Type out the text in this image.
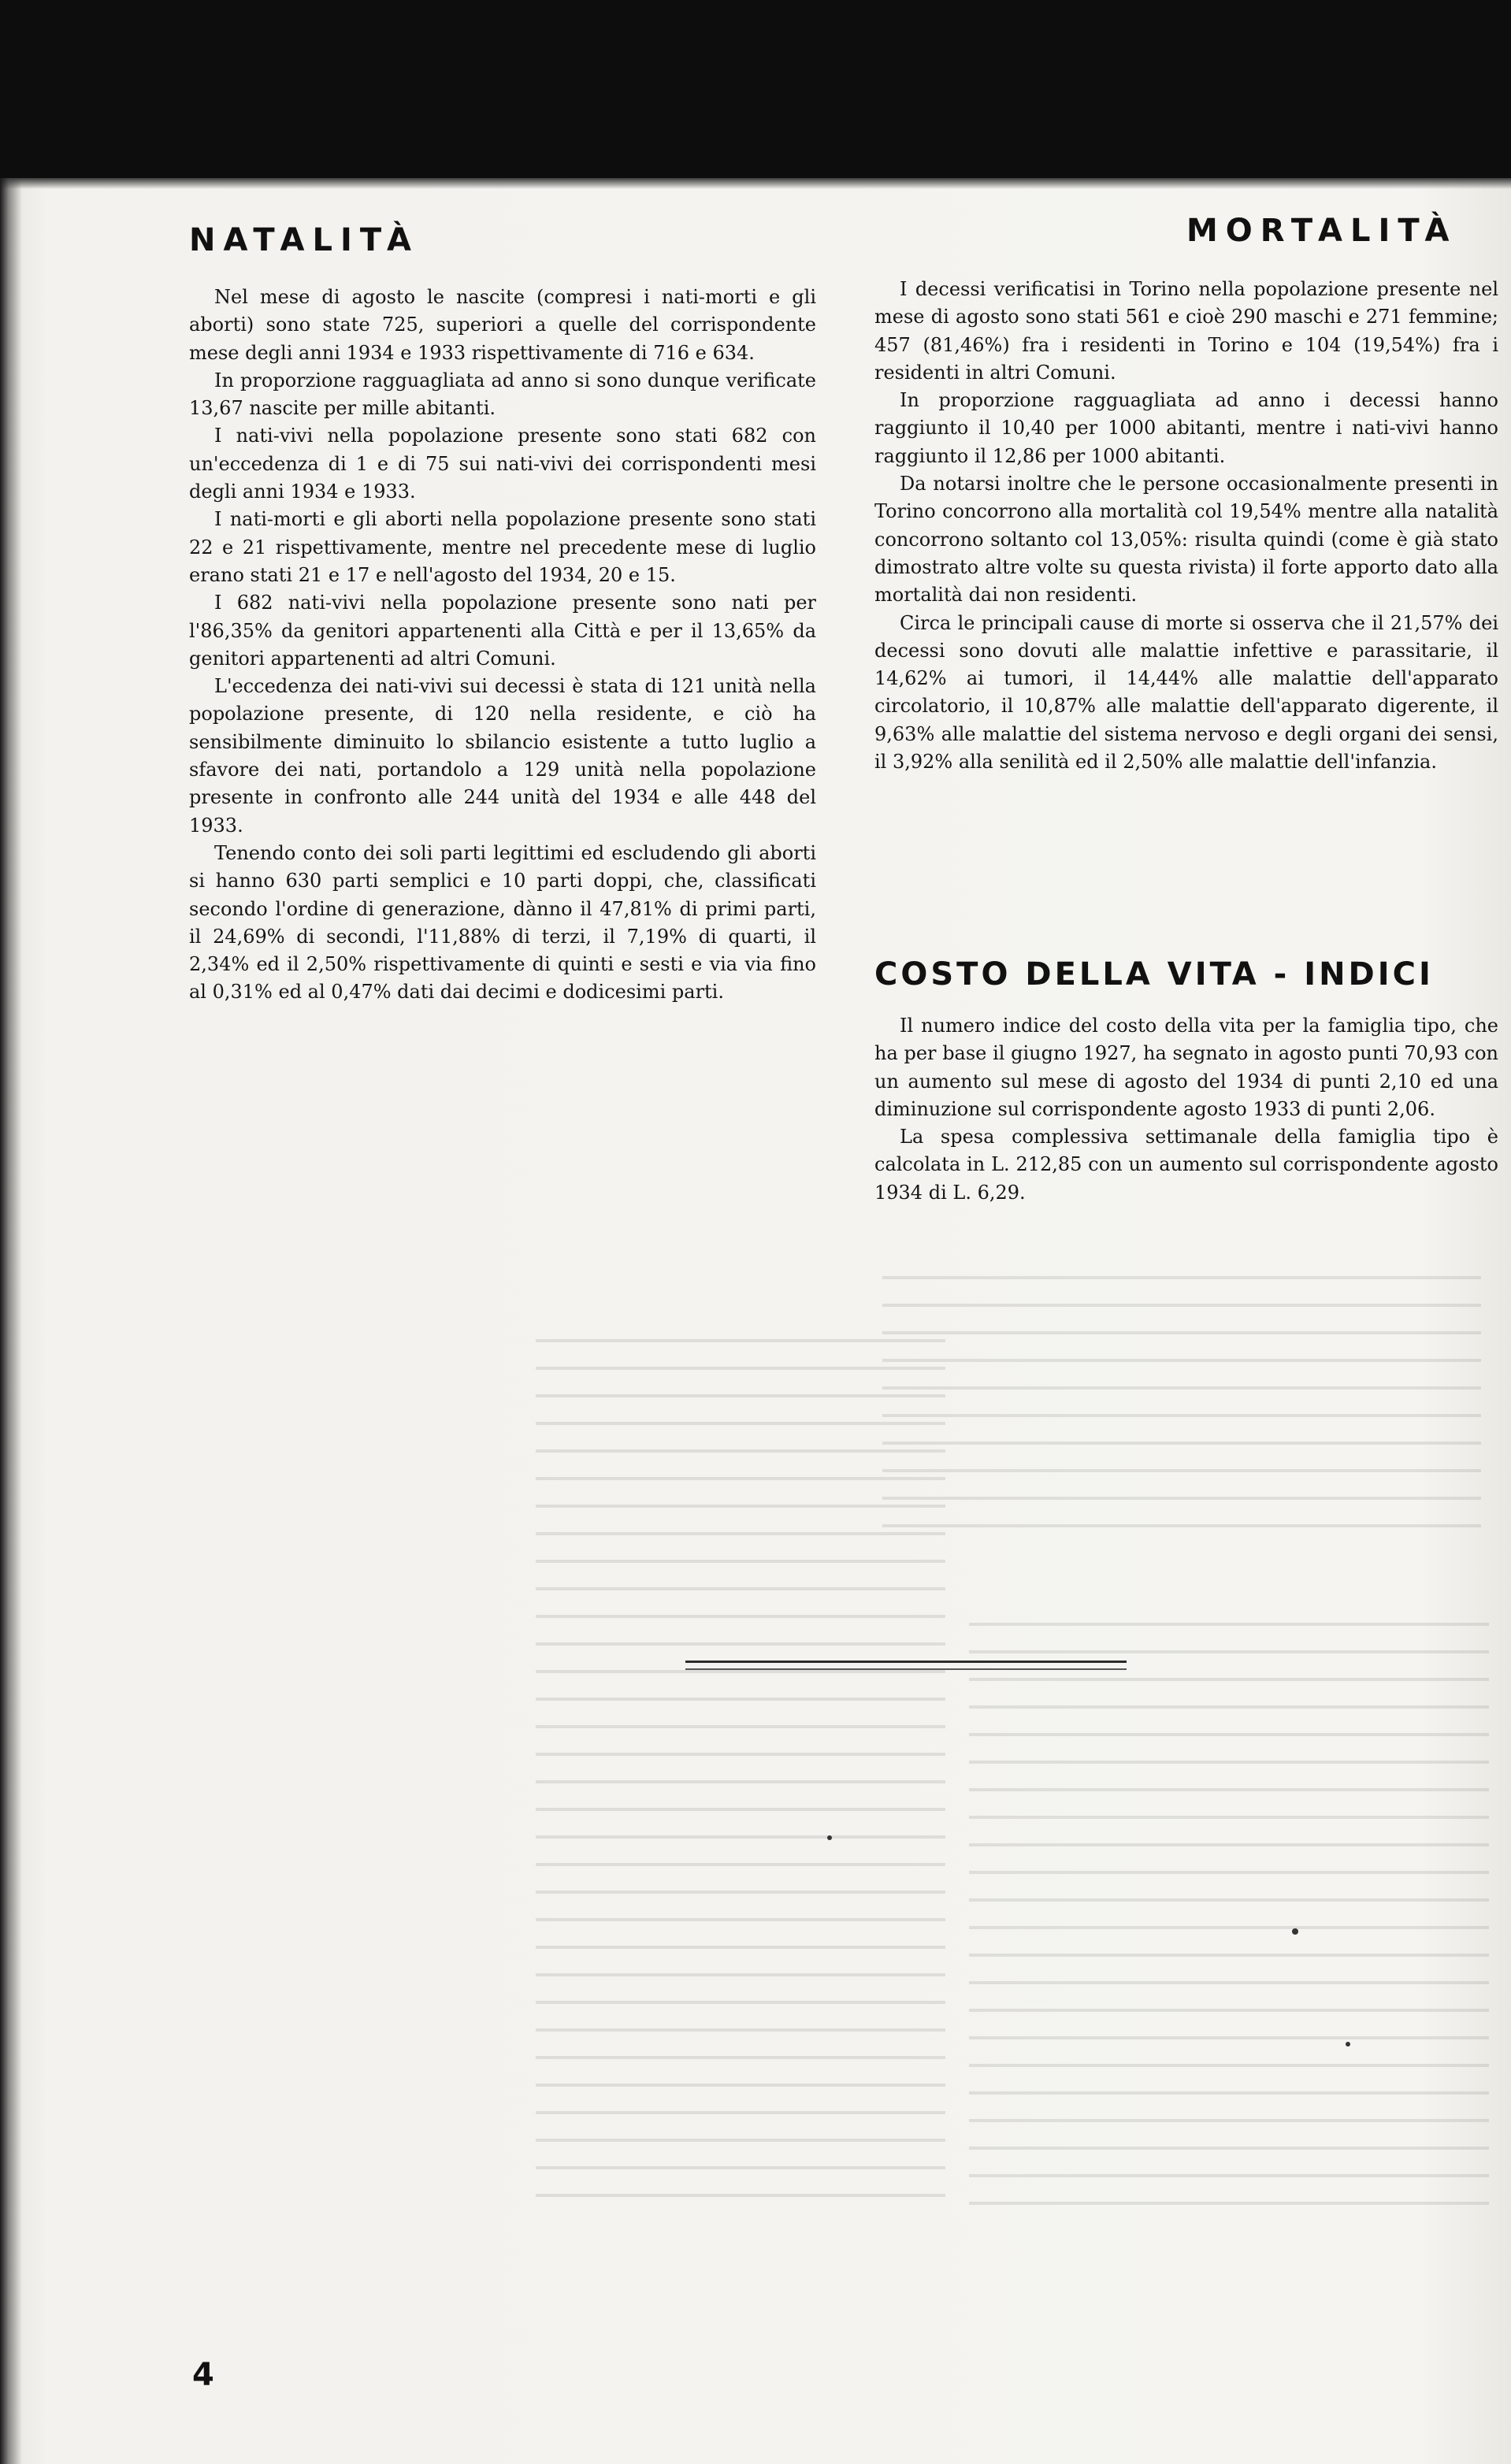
NATALITÀ

Nel mese di agosto le nascite (compresi i nati-morti e gli aborti) sono state 725, superiori a quelle del corrispondente mese degli anni 1934 e 1933 rispettivamente di 716 e 634.

In proporzione ragguagliata ad anno si sono dunque verificate 13,67 nascite per mille abitanti.

I nati-vivi nella popolazione presente sono stati 682 con un'eccedenza di 1 e di 75 sui nati-vivi dei corrispondenti mesi degli anni 1934 e 1933.

I nati-morti e gli aborti nella popolazione presente sono stati 22 e 21 rispettivamente, mentre nel precedente mese di luglio erano stati 21 e 17 e nell'agosto del 1934, 20 e 15.

I 682 nati-vivi nella popolazione presente sono nati per l'86,35% da genitori appartenenti alla Città e per il 13,65% da genitori appartenenti ad altri Comuni.

L'eccedenza dei nati-vivi sui decessi è stata di 121 unità nella popolazione presente, di 120 nella residente, e ciò ha sensibilmente diminuito lo sbilancio esistente a tutto luglio a sfavore dei nati, portandolo a 129 unità nella popolazione presente in confronto alle 244 unità del 1934 e alle 448 del 1933.

Tenendo conto dei soli parti legittimi ed escludendo gli aborti si hanno 630 parti semplici e 10 parti doppi, che, classificati secondo l'ordine di generazione, dànno il 47,81% di primi parti, il 24,69% di secondi, l'11,88% di terzi, il 7,19% di quarti, il 2,34% ed il 2,50% rispettivamente di quinti e sesti e via via fino al 0,31% ed al 0,47% dati dai decimi e dodicesimi parti.

MORTALITÀ

I decessi verificatisi in Torino nella popolazione presente nel mese di agosto sono stati 561 e cioè 290 maschi e 271 femmine; 457 (81,46%) fra i residenti in Torino e 104 (19,54%) fra i residenti in altri Comuni.

In proporzione ragguagliata ad anno i decessi hanno raggiunto il 10,40 per 1000 abitanti, mentre i nati-vivi hanno raggiunto il 12,86 per 1000 abitanti.

Da notarsi inoltre che le persone occasionalmente presenti in Torino concorrono alla mortalità col 19,54% mentre alla natalità concorrono soltanto col 13,05%: risulta quindi (come è già stato dimostrato altre volte su questa rivista) il forte apporto dato alla mortalità dai non residenti.

Circa le principali cause di morte si osserva che il 21,57% dei decessi sono dovuti alle malattie infettive e parassitarie, il 14,62% ai tumori, il 14,44% alle malattie dell'apparato circolatorio, il 10,87% alle malattie dell'apparato digerente, il 9,63% alle malattie del sistema nervoso e degli organi dei sensi, il 3,92% alla senilità ed il 2,50% alle malattie dell'infanzia.

COSTO DELLA VITA - INDICI

Il numero indice del costo della vita per la famiglia tipo, che ha per base il giugno 1927, ha segnato in agosto punti 70,93 con un aumento sul mese di agosto del 1934 di punti 2,10 ed una diminuzione sul corrispondente agosto 1933 di punti 2,06.

La spesa complessiva settimanale della famiglia tipo è calcolata in L. 212,85 con un aumento sul corrispondente agosto 1934 di L. 6,29.

4
